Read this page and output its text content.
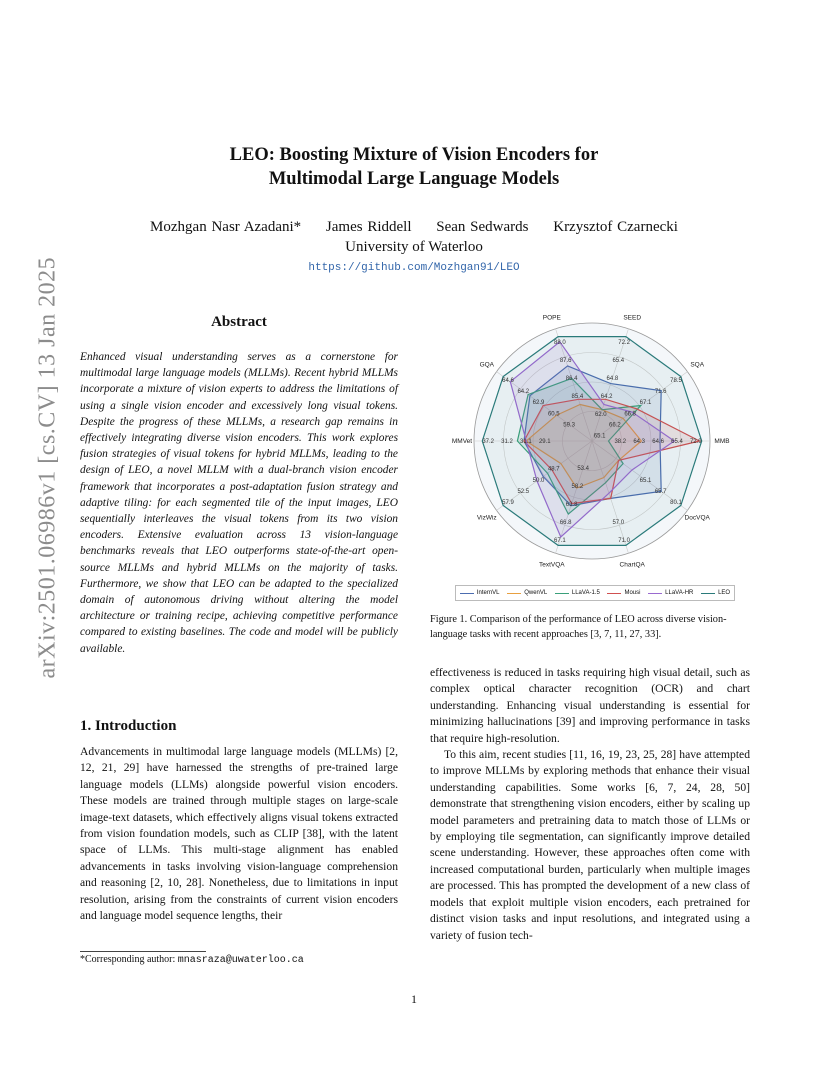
arXiv:2501.06986v1 [cs.CV] 13 Jan 2025
LEO: Boosting Mixture of Vision Encoders for
Multimodal Large Language Models
Mozhgan Nasr Azadani* James Riddell Sean Sedwards Krzysztof Czarnecki
University of Waterloo
https://github.com/Mozhgan91/LEO
Abstract
Enhanced visual understanding serves as a cornerstone for multimodal large language models (MLLMs). Recent hybrid MLLMs incorporate a mixture of vision experts to address the limitations of using a single vision encoder and excessively long visual tokens. Despite the progress of these MLLMs, a research gap remains in effectively integrating diverse vision encoders. This work explores fusion strategies of visual tokens for hybrid MLLMs, leading to the design of LEO, a novel MLLM with a dual-branch vision encoder framework that incorporates a post-adaptation fusion strategy and adaptive tiling: for each segmented tile of the input images, LEO sequentially interleaves the visual tokens from its two vision encoders. Extensive evaluation across 13 vision-language benchmarks reveals that LEO outperforms state-of-the-art open-source MLLMs and hybrid MLLMs on the majority of tasks. Furthermore, we show that LEO can be adapted to the specialized domain of autonomous driving without altering the model architecture or training recipe, achieving competitive performance compared to existing baselines. The code and model will be publicly available.
1. Introduction
Advancements in multimodal large language models (MLLMs) [2, 12, 21, 29] have harnessed the strengths of pre-trained large language models (LLMs) alongside powerful vision encoders. These models are trained through multiple stages on large-scale image-text datasets, which effectively aligns visual tokens extracted from vision foundation models, such as CLIP [38], with the latent space of LLMs. This multi-stage alignment has enabled advancements in tasks involving vision-language comprehension and reasoning [2, 10, 28]. Nonetheless, due to limitations in input resolution, arising from the constraints of current vision encoders and language model sequence lengths, their
*Corresponding author: mnasraza@uwaterloo.ca
88.0
87.6
86.4
85.4
72.2
65.4
64.8
64.2
62.0
78.5
71.6
67.1
66.8
66.2
65.1
72.9
65.4
64.6
64.3
38.2
80.1
65.7
65.1
71.0
57.0
67.1
66.8
63.8
58.2
53.4
57.9
52.5
50.0
48.7
37.2 31.2 31.1 29.1
64.6
64.2
62.9
60.5
59.3
POPE	SEED
SQA
MMB
DocVQA
ChartQA
TextVQA
VizWiz
MMVet
GQA
InternVL	QwenVL	LLaVA-1.5	Mousi	LLaVA-HR	LEO
Figure 1. Comparison of the performance of LEO across diverse vision-language tasks with recent approaches [3, 7, 11, 27, 33].

effectiveness is reduced in tasks requiring high visual detail, such as complex optical character recognition (OCR) and chart understanding. Enhancing visual understanding is essential for minimizing hallucinations [39] and improving performance in tasks that require high-resolution.

To this aim, recent studies [11, 16, 19, 23, 25, 28] have attempted to improve MLLMs by exploring methods that enhance their visual understanding capabilities. Some works [6, 7, 24, 28, 50] demonstrate that strengthening vision encoders, either by scaling up model parameters and pretraining data to match those of LLMs or by employing tile segmentation, can significantly improve detailed scene understanding. However, these approaches often come with increased computational burden, particularly when multiple images are processed. This has prompted the development of a new class of models that exploit multiple vision encoders, each pretrained for distinct vision tasks and input resolutions, and integrated using a variety of fusion tech-

1
